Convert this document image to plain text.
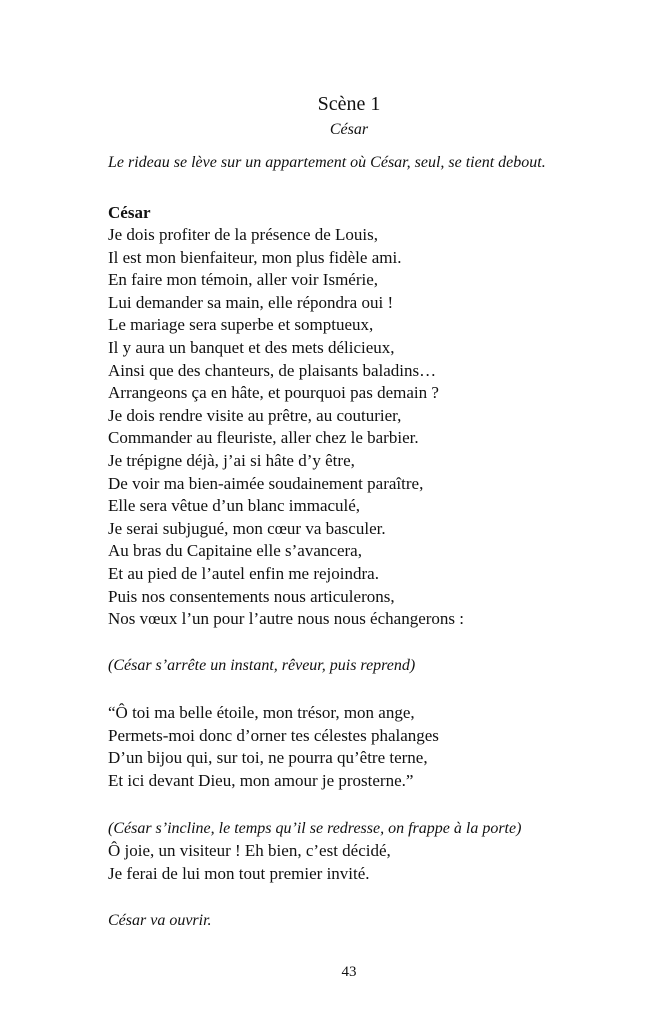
Scène 1
César
Le rideau se lève sur un appartement où César, seul, se tient debout.
César
Je dois profiter de la présence de Louis,
Il est mon bienfaiteur, mon plus fidèle ami.
En faire mon témoin, aller voir Ismérie,
Lui demander sa main, elle répondra oui !
Le mariage sera superbe et somptueux,
Il y aura un banquet et des mets délicieux,
Ainsi que des chanteurs, de plaisants baladins…
Arrangeons ça en hâte, et pourquoi pas demain ?
Je dois rendre visite au prêtre, au couturier,
Commander au fleuriste, aller chez le barbier.
Je trépigne déjà, j’ai si hâte d’y être,
De voir ma bien-aimée soudainement paraître,
Elle sera vêtue d’un blanc immaculé,
Je serai subjugué, mon cœur va basculer.
Au bras du Capitaine elle s’avancera,
Et au pied de l’autel enfin me rejoindra.
Puis nos consentements nous articulerons,
Nos vœux l’un pour l’autre nous nous échangerons :
(César s’arrête un instant, rêveur, puis reprend)
“Ô toi ma belle étoile, mon trésor, mon ange,
Permets-moi donc d’orner tes célestes phalanges
D’un bijou qui, sur toi, ne pourra qu’être terne,
Et ici devant Dieu, mon amour je prosterne.”
(César s’incline, le temps qu’il se redresse, on frappe à la porte)
Ô joie, un visiteur ! Eh bien, c’est décidé,
Je ferai de lui mon tout premier invité.
César va ouvrir.
43
